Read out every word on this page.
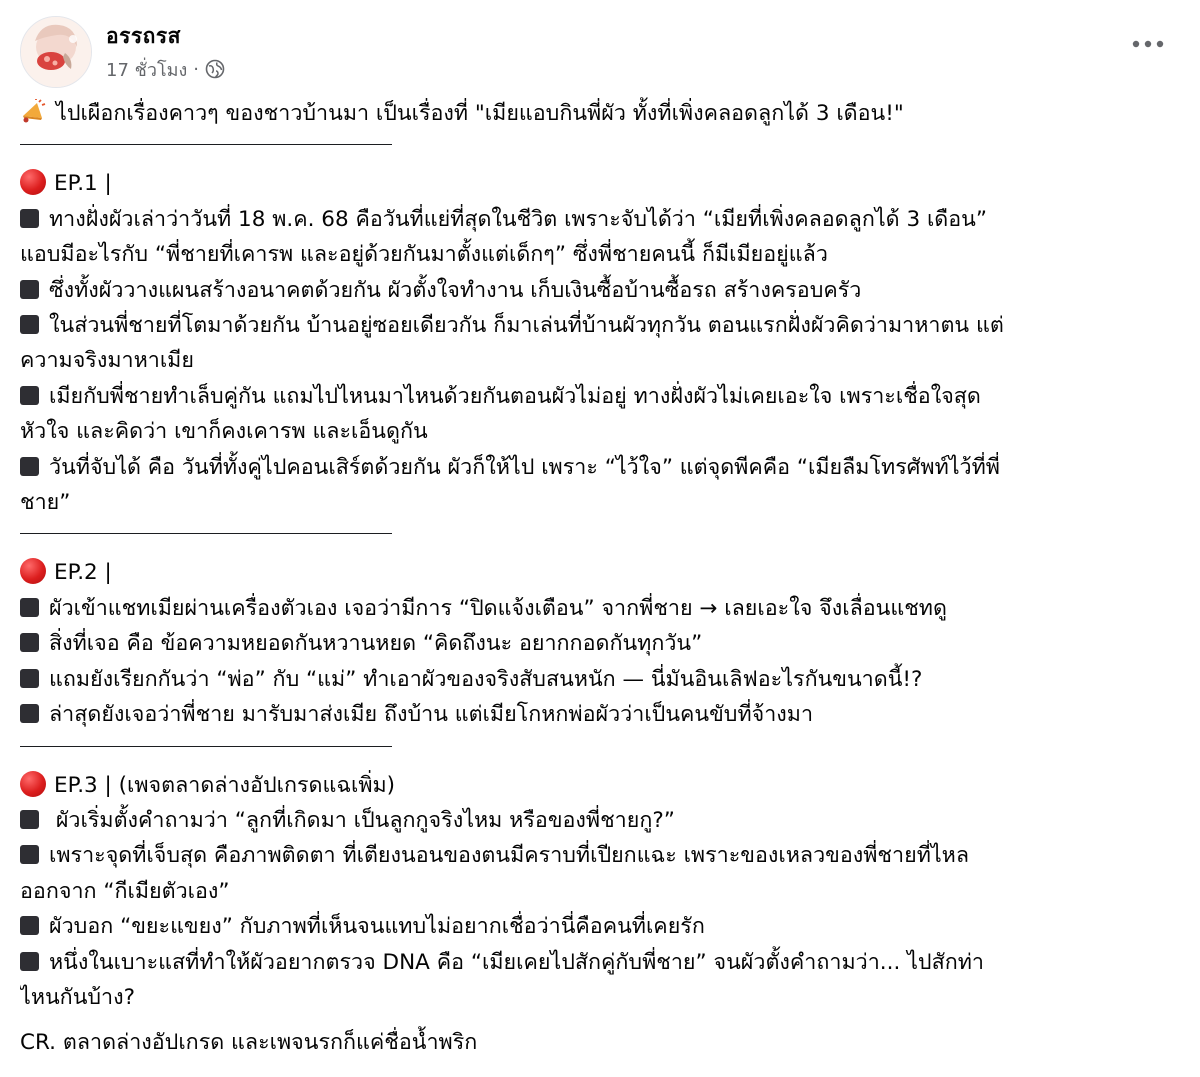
อรรถรส
17 ชั่วโมง ·
ไปเผือกเรื่องคาวๆ ของชาวบ้านมา เป็นเรื่องที่ "เมียแอบกินพี่ผัว ทั้งที่เพิ่งคลอดลูกได้ 3 เดือน!"
EP.1 |
ทางฝั่งผัวเล่าว่าวันที่ 18 พ.ค. 68 คือวันที่แย่ที่สุดในชีวิต เพราะจับได้ว่า “เมียที่เพิ่งคลอดลูกได้ 3 เดือน”
แอบมีอะไรกับ “พี่ชายที่เคารพ และอยู่ด้วยกันมาตั้งแต่เด็กๆ” ซึ่งพี่ชายคนนี้ ก็มีเมียอยู่แล้ว
ซึ่งทั้งผัววางแผนสร้างอนาคตด้วยกัน ผัวตั้งใจทำงาน เก็บเงินซื้อบ้านซื้อรถ สร้างครอบครัว
ในส่วนพี่ชายที่โตมาด้วยกัน บ้านอยู่ซอยเดียวกัน ก็มาเล่นที่บ้านผัวทุกวัน ตอนแรกฝั่งผัวคิดว่ามาหาตน แต่
ความจริงมาหาเมีย
เมียกับพี่ชายทำเล็บคู่กัน แถมไปไหนมาไหนด้วยกันตอนผัวไม่อยู่ ทางฝั่งผัวไม่เคยเอะใจ เพราะเชื่อใจสุด
หัวใจ และคิดว่า เขาก็คงเคารพ และเอ็นดูกัน
วันที่จับได้ คือ วันที่ทั้งคู่ไปคอนเสิร์ตด้วยกัน ผัวก็ให้ไป เพราะ “ไว้ใจ” แต่จุดพีคคือ “เมียลืมโทรศัพท์ไว้ที่พี่
ชาย”
EP.2 |
ผัวเข้าแชทเมียผ่านเครื่องตัวเอง เจอว่ามีการ “ปิดแจ้งเตือน” จากพี่ชาย → เลยเอะใจ จึงเลื่อนแชทดู
สิ่งที่เจอ คือ ข้อความหยอดกันหวานหยด “คิดถึงนะ อยากกอดกันทุกวัน”
แถมยังเรียกกันว่า “พ่อ” กับ “แม่” ทำเอาผัวของจริงสับสนหนัก — นี่มันอินเลิฟอะไรกันขนาดนี้!?
ล่าสุดยังเจอว่าพี่ชาย มารับมาส่งเมีย ถึงบ้าน แต่เมียโกหกพ่อผัวว่าเป็นคนขับที่จ้างมา
EP.3 | (เพจตลาดล่างอัปเกรดแฉเพิ่ม)
ผัวเริ่มตั้งคำถามว่า “ลูกที่เกิดมา เป็นลูกกูจริงไหม หรือของพี่ชายกู?”
เพราะจุดที่เจ็บสุด คือภาพติดตา ที่เตียงนอนของตนมีคราบที่เปียกแฉะ เพราะของเหลวของพี่ชายที่ไหล
ออกจาก “กีเมียตัวเอง”
ผัวบอก “ขยะแขยง” กับภาพที่เห็นจนแทบไม่อยากเชื่อว่านี่คือคนที่เคยรัก
หนึ่งในเบาะแสที่ทำให้ผัวอยากตรวจ DNA คือ “เมียเคยไปสักคู่กับพี่ชาย” จนผัวตั้งคำถามว่า... ไปสักท่า
ไหนกันบ้าง?
CR. ตลาดล่างอัปเกรด และเพจนรกก็แค่ชื่อน้ำพริก
